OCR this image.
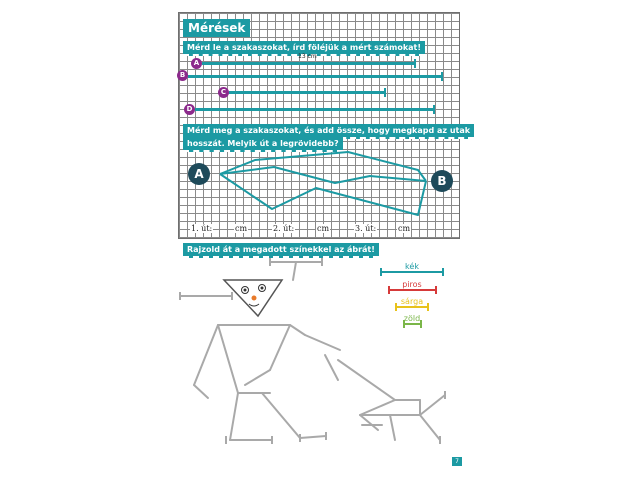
Mérések
Mérd le a szakaszokat, írd föléjük a mért számokat!
13 cm
A
B
C
D
Mérd meg a szakaszokat, és add össze, hogy megkapd az utak
hosszát. Melyik út a legrövidebb?
A	B
1. út:	cm	2. út:	cm	3. út:	cm
Rajzold át a megadott színekkel az ábrát!
kék
piros
sárga
zöld
7
